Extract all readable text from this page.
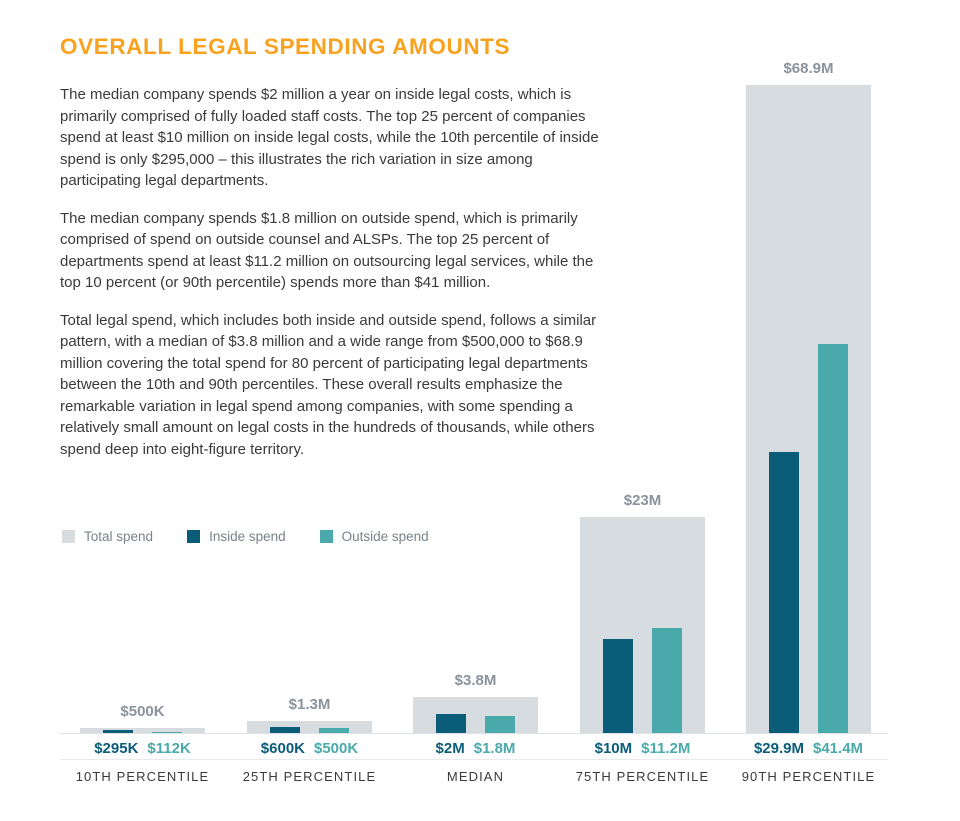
OVERALL LEGAL SPENDING AMOUNTS

The median company spends $2 million a year on inside legal costs, which is primarily comprised of fully loaded staff costs. The top 25 percent of companies spend at least $10 million on inside legal costs, while the 10th percentile of inside spend is only $295,000 – this illustrates the rich variation in size among participating legal departments.

The median company spends $1.8 million on outside spend, which is primarily comprised of spend on outside counsel and ALSPs. The top 25 percent of departments spend at least $11.2 million on outsourcing legal services, while the top 10 percent (or 90th percentile) spends more than $41 million.

Total legal spend, which includes both inside and outside spend, follows a similar pattern, with a median of $3.8 million and a wide range from $500,000 to $68.9 million covering the total spend for 80 percent of participating legal departments between the 10th and 90th percentiles. These overall results emphasize the remarkable variation in legal spend among companies, with some spending a relatively small amount on legal costs in the hundreds of thousands, while others spend deep into eight-figure territory.

Total spend	Inside spend	Outside spend
$500K
$295K $112K
10TH PERCENTILE
$1.3M
$600K $500K
25TH PERCENTILE
$3.8M
$2M $1.8M
MEDIAN
$23M
$10M $11.2M
75TH PERCENTILE
$68.9M
$29.9M $41.4M
90TH PERCENTILE
